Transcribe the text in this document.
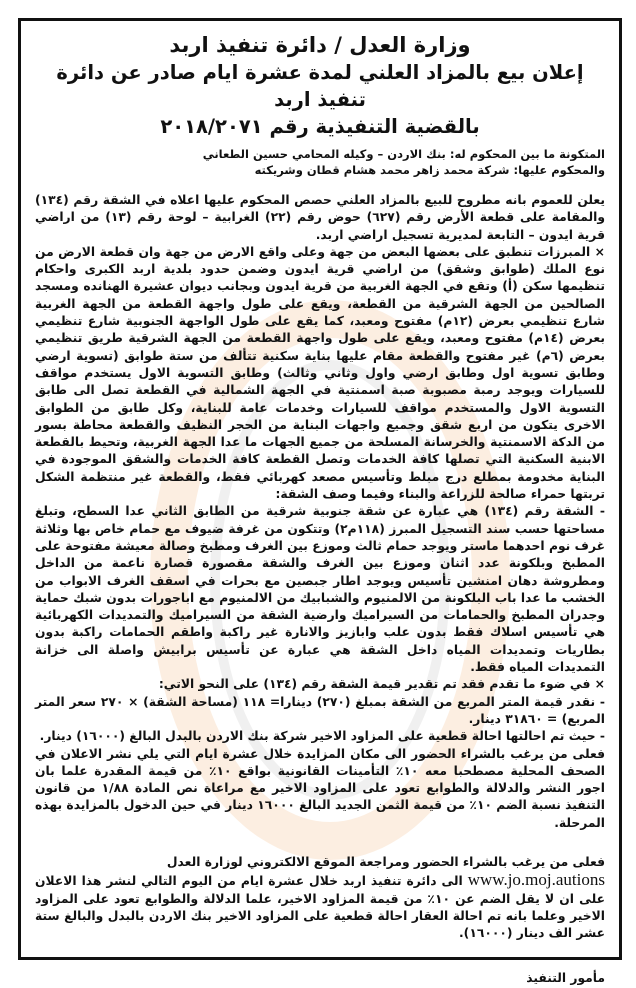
وزارة العدل / دائرة تنفيذ اربد
إعلان بيع بالمزاد العلني لمدة عشرة ايام صادر عن دائرة تنفيذ اربد
بالقضية التنفيذية رقم ٢٠١٨/٢٠٧١
المتكونة ما بين المحكوم له: بنك الاردن – وكيله المحامي حسين الطعاني
والمحكوم عليها: شركة محمد زاهر محمد هشام قطان وشريكته

يعلن للعموم بانه مطروح للبيع بالمزاد العلني حصص المحكوم عليها اعلاه في الشقة رقم (١٣٤) والمقامة على قطعة الأرض رقم (٦٢٧) حوض رقم (٢٢) الغرابية – لوحة رقم (١٣) من اراضي قرية ايدون – التابعة لمديرية تسجيل اراضي اربد.

× المبرزات تنطبق على بعضها البعض من جهة وعلى واقع الارض من جهة وان قطعة الارض من نوع الملك (طوابق وشقق) من اراضي قرية ايدون وضمن حدود بلدية اربد الكبرى واحكام تنظيمها سكن (أ) وتقع في الجهة الغربية من قرية ايدون وبجانب ديوان عشيرة الهنانده ومسجد الصالحين من الجهة الشرقية من القطعة، ويقع على طول واجهة القطعة من الجهة الغربية شارع تنظيمي بعرض (١٢م) مفتوح ومعبد، كما يقع على طول الواجهة الجنوبية شارع تنظيمي بعرض (١٤م) مفتوح ومعبد، ويقع على طول واجهة القطعة من الجهة الشرقية طريق تنظيمي بعرض (٦م) غير مفتوح والقطعة مقام عليها بناية سكنية تتألف من ستة طوابق (تسوية ارضي وطابق تسوية اول وطابق ارضي واول وثاني وثالث) وطابق التسوية الاول يستخدم مواقف للسيارات ويوجد رمبة مصبوبة صبة اسمنتية في الجهة الشمالية في القطعة تصل الى طابق التسوية الاول والمستخدم مواقف للسيارات وخدمات عامة للبناية، وكل طابق من الطوابق الاخرى يتكون من اربع شقق وجميع واجهات البناية من الحجر النظيف والقطعة محاطة بسور من الدكة الاسمنتية والخرسانة المسلحة من جميع الجهات ما عدا الجهة الغربية، وتحيط بالقطعة الابنية السكنية التي تصلها كافة الخدمات وتصل القطعة كافة الخدمات والشقق الموجودة في البناية مخدومة بمطلع درج مبلط وتأسيس مصعد كهربائي فقط، والقطعة غير منتظمة الشكل تربتها حمراء صالحة للزراعة والبناء وفيما وصف الشقة:

- الشقة رقم (١٣٤) هي عبارة عن شقة جنوبية شرقية من الطابق الثاني عدا السطح، وتبلغ مساحتها حسب سند التسجيل المبرز (١١٨م٢) وتتكون من غرفة ضيوف مع حمام خاص بها وثلاثة غرف نوم احدهما ماستر ويوجد حمام ثالث وموزع بين الغرف ومطبخ وصالة معيشة مفتوحة على المطبخ وبلكونة عدد اثنان وموزع بين الغرف والشقة مقصورة قصارة ناعمة من الداخل ومطروشة دهان امنشين تأسيس ويوجد اطار جبصين مع بحرات في اسقف الغرف الابواب من الخشب ما عدا باب البلكونة من الالمنيوم والشبابيك من الالمنيوم مع اباجورات بدون شبك حماية وجدران المطبخ والحمامات من السيراميك وارضية الشقة من السيراميك والتمديدات الكهربائية هي تأسيس اسلاك فقط بدون علب وابازيز والانارة غير راكبة واطقم الحمامات راكبة بدون بطاريات وتمديدات المياه داخل الشقة هي عبارة عن تأسيس برابيش واصلة الى خزانة التمديدات المياه فقط.

× في ضوء ما تقدم فقد تم تقدير قيمة الشقة رقم (١٣٤) على النحو الاتي:

- نقدر قيمة المتر المربع من الشقة بمبلغ (٢٧٠) دينارا= ١١٨ (مساحة الشقة) × ٢٧٠ سعر المتر المربع) = ٣١٨٦٠ دينار.

- حيث تم احالتها احالة قطعية على المزاود الاخير شركة بنك الاردن بالبدل البالغ (١٦٠٠٠) دينار.

فعلى من يرغب بالشراء الحضور الى مكان المزايدة خلال عشرة ايام التي يلي نشر الاعلان في الصحف المحلية مصطحبا معه ١٠٪ التأمينات القانونية بواقع ١٠٪ من قيمة المقدرة علما بان اجور النشر والدلالة والطوابع تعود على المزاود الاخير مع مراعاة نص المادة ١/٨٨ من قانون التنفيذ نسبة الضم ١٠٪ من قيمة الثمن الجديد البالغ ١٦٠٠٠ دينار في حين الدخول بالمزايدة بهذه المرحلة.

فعلى من يرغب بالشراء الحضور ومراجعة الموقع الالكتروني لوزارة العدل

www.jo.moj.autions الى دائرة تنفيذ اربد خلال عشرة ايام من اليوم التالي لنشر هذا الاعلان على ان لا يقل الضم عن ١٠٪ من قيمة المزاود الاخير، علما الدلالة والطوابع تعود على المزاود الاخير وعلما بانه تم احالة العقار احالة قطعية على المزاود الاخير بنك الاردن بالبدل والبالغ ستة عشر الف دينار (١٦٠٠٠).

مأمور التنفيذ
